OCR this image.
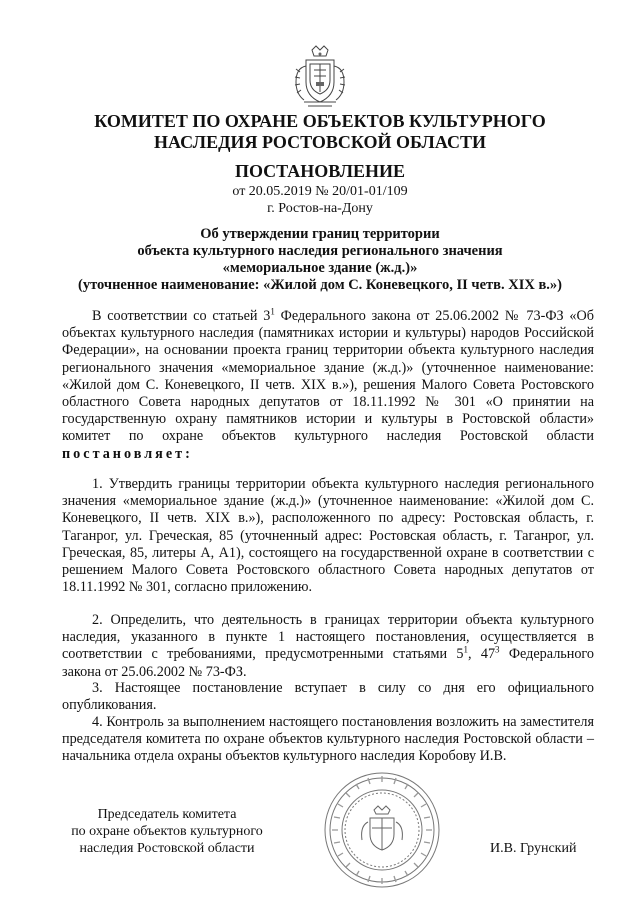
КОМИТЕТ ПО ОХРАНЕ ОБЪЕКТОВ КУЛЬТУРНОГО
НАСЛЕДИЯ РОСТОВСКОЙ ОБЛАСТИ
ПОСТАНОВЛЕНИЕ
от 20.05.2019 № 20/01-01/109
г. Ростов-на-Дону
Об утверждении границ территории
объекта культурного наследия регионального значения
«мемориальное здание (ж.д.)»
(уточненное наименование: «Жилой дом С. Коневецкого, II четв. XIX в.»)
В соответствии со статьей $3^1$ Федерального закона от 25.06.2002 № 73-ФЗ «Об объектах культурного наследия (памятниках истории и культуры) народов Российской Федерации», на основании проекта границ территории объекта культурного наследия регионального значения «мемориальное здание (ж.д.)» (уточненное наименование: «Жилой дом С. Коневецкого, II четв. XIX в.»), решения Малого Совета Ростовского областного Совета народных депутатов от 18.11.1992 № 301 «О принятии на государственную охрану памятников истории и культуры в Ростовской области» комитет по охране объектов культурного наследия Ростовской области постановляет:
1. Утвердить границы территории объекта культурного наследия регионального значения «мемориальное здание (ж.д.)» (уточненное наименование: «Жилой дом С. Коневецкого, II четв. XIX в.»), расположенного по адресу: Ростовская область, г. Таганрог, ул. Греческая, 85 (уточненный адрес: Ростовская область, г. Таганрог, ул. Греческая, 85, литеры А, А1), состоящего на государственной охране в соответствии с решением Малого Совета Ростовского областного Совета народных депутатов от 18.11.1992 № 301, согласно приложению.
2. Определить, что деятельность в границах территории объекта культурного наследия, указанного в пункте 1 настоящего постановления, осуществляется в соответствии с требованиями, предусмотренными статьями $5^1$, $47^3$ Федерального закона от 25.06.2002 № 73-ФЗ.
3. Настоящее постановление вступает в силу со дня его официального опубликования.
4. Контроль за выполнением настоящего постановления возложить на заместителя председателя комитета по охране объектов культурного наследия Ростовской области – начальника отдела охраны объектов культурного наследия Коробову И.В.
Председатель комитета
по охране объектов культурного
наследия Ростовской области	И.В. Грунский
